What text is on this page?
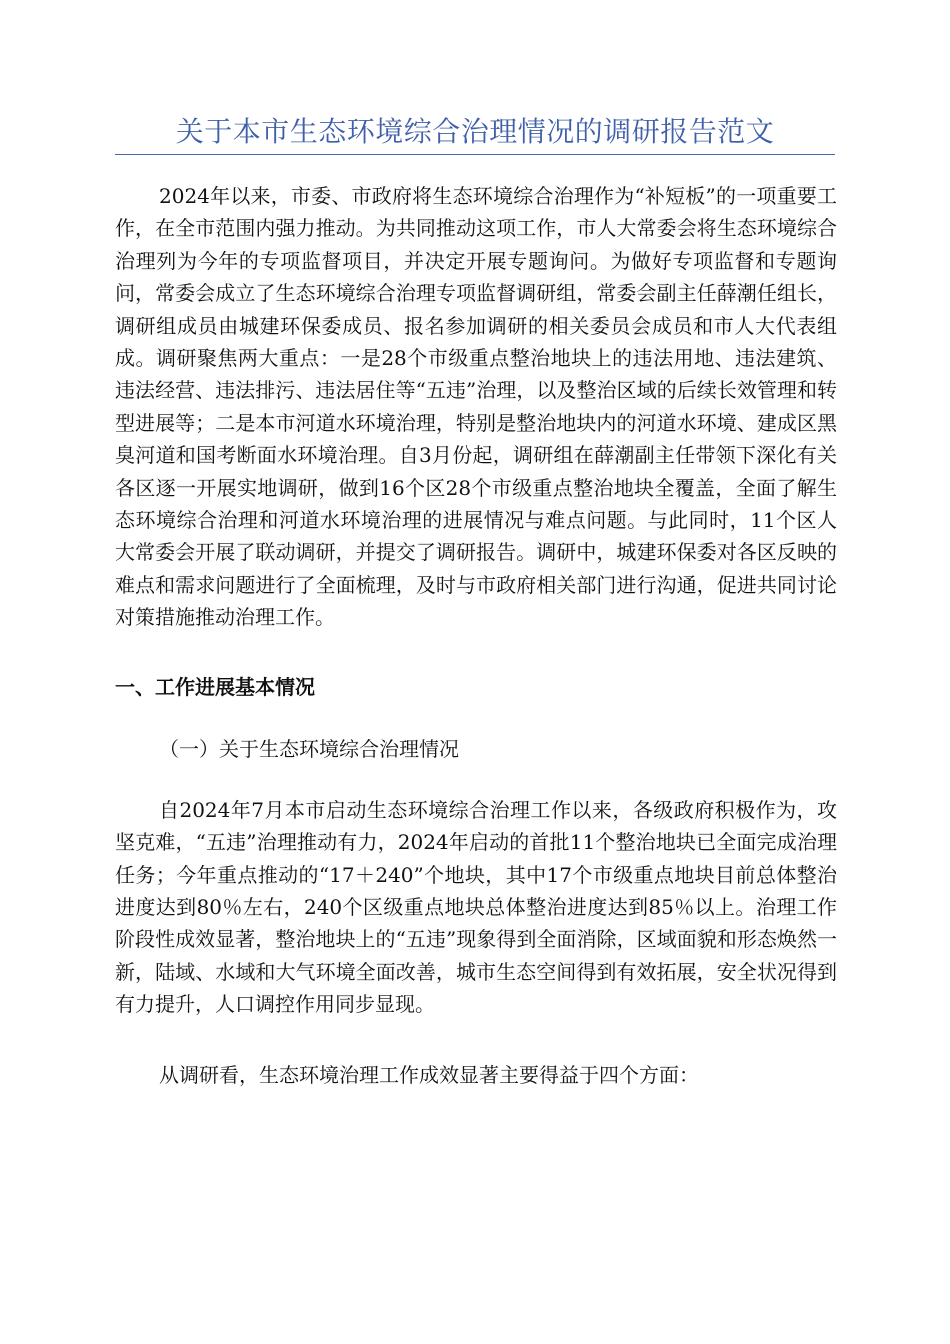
关于本市生态环境综合治理情况的调研报告范文

2024年以来，市委、市政府将生态环境综合治理作为“补短板”的一项重要工作，在全市范围内强力推动。为共同推动这项工作，市人大常委会将生态环境综合治理列为今年的专项监督项目，并决定开展专题询问。为做好专项监督和专题询问，常委会成立了生态环境综合治理专项监督调研组，常委会副主任薛潮任组长，调研组成员由城建环保委成员、报名参加调研的相关委员会成员和市人大代表组成。调研聚焦两大重点：一是28个市级重点整治地块上的违法用地、违法建筑、违法经营、违法排污、违法居住等“五违”治理，以及整治区域的后续长效管理和转型进展等；二是本市河道水环境治理，特别是整治地块内的河道水环境、建成区黑臭河道和国考断面水环境治理。自3月份起，调研组在薛潮副主任带领下深化有关各区逐一开展实地调研，做到16个区28个市级重点整治地块全覆盖，全面了解生态环境综合治理和河道水环境治理的进展情况与难点问题。与此同时，11个区人大常委会开展了联动调研，并提交了调研报告。调研中，城建环保委对各区反映的难点和需求问题进行了全面梳理，及时与市政府相关部门进行沟通，促进共同讨论对策措施推动治理工作。

一、工作进展基本情况
（一）关于生态环境综合治理情况

自2024年7月本市启动生态环境综合治理工作以来，各级政府积极作为，攻坚克难，“五违”治理推动有力，2024年启动的首批11个整治地块已全面完成治理任务；今年重点推动的“17＋240”个地块，其中17个市级重点地块目前总体整治进度达到80％左右，240个区级重点地块总体整治进度达到85％以上。治理工作阶段性成效显著，整治地块上的“五违”现象得到全面消除，区域面貌和形态焕然一新，陆域、水域和大气环境全面改善，城市生态空间得到有效拓展，安全状况得到有力提升，人口调控作用同步显现。

从调研看，生态环境治理工作成效显著主要得益于四个方面：
